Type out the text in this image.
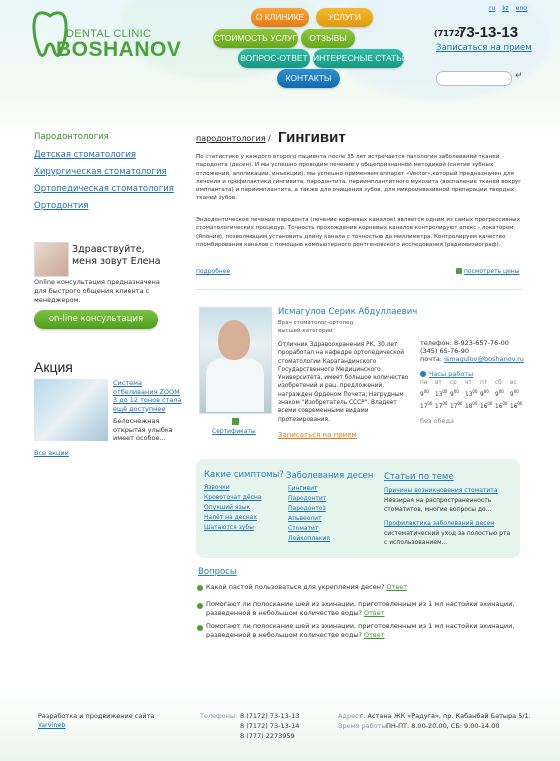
DENTAL CLINIC
BOSHANOV
О КЛИНИКЕ	УСЛУГИ
СТОИМОСТЬ УСЛУГ	ОТЗЫВЫ
ВОПРОС-ОТВЕТ ИНТЕРЕСНЫЕ СТАТЬИ
КОНТАКТЫ
ru kz eng
(7172)
73-13-13
Записаться на прием
↵
Пародонтология
Детская стоматология
Хирургическая стоматология
Ортопедическая стоматология
Ортодонтия
Здравствуйте,
меня зовут Елена
Online консультация предназначена для быстрого общения клиента с менеджером.
on-line консультация
Акция
Система
отбеливания ZOOM
3 до 12 тонов стала
ещё доступнее
Белоснежная
открытая улыбка
имеет особое...
Все акции
пародонтология / Гингивит
По статистике у каждого второго пациента после 35 лет встречается патология заболеваний тканей пародонта (десен). И мы успешно проводим лечение у общепризнанной методикой (снятие зубных отложений, аппликации, инъекции), мы успешно применяем аппарат «Vector»,который предназначен для лечения и профилактики гингивита, пародонтита, периимплантитного мукозита (воспаление тканей вокруг имплантата) и периимплантита, а также для очищения зубов, для микроинвазивной препарации твердых тканей зубов.
Эндодонтическое лечение пародонта (лечение корневых каналов) является одним из самых прогрессивных стоматологических процедур. Точность прохождения корневых каналов контролируют апекс - локатором (Япония), позволяющим установить длину канала с точностью до миллиметра. Контролируем качество пломбирования каналов с помощью компьютерного рентгеновского исследования (радиовизиограф).
подробнее	посмотреть цены
Сертификаты
Исмагулов Серик Абдуллаевич
Врач стоматолог-ортопед
высшей категории
Отличник Здравоохранения РК, 30 лет проработал на кафедре ортопедической стоматологии Карагандинского Государственного Медицинского Университета, имеет большое количество изобретений и рац. предложений, награжден Орденом Почета, Нагрудным знаком "Изобретатель СССР". Владеет всеми современными видами протезирования.
Записаться на прием
телефон: 8-923-657-76-00
(345) 65-76-90
почта: ismagulov@boshanov.ru
Часы работы
пн	вт	ср	чт	пт	сб	вс
$9^{00}$	$13^{00}$	$9^{00}$	$13^{00}$	$9^{00}$	$9^{00}$	$9^{00}$
$17^{00}$	$17^{00}$	$17^{00}$	$18^{00}$	$16^{00}$	$16^{00}$	$16^{00}$
без обеда
Какие симптомы?
Язвочки
Кровоточат дёсна
Опухший язык
Налёт на деснах
Шатаются зубы
Заболевания десен
Гингивит
Пародонтит
Пародонтоз
Альвеолит
Стоматит
Лейкоплакия
Статьи по теме
Причины возникновения стоматита
Невзирая на распространенность стоматитов, многие вопросы до...
Профилактика заболеваний десен
систематический уход за полостью рта с использованием...
Вопросы
Какой пастой пользоваться для укрепления десен? Ответ
Помогают ли полоскание шей из эхинации, приготовленным из 1 мл настойки эхинации, разведенной в небольшом количестве воды? Ответ
Помогают ли полоскание шей из эхинации, приготовленным из 1 мл настойки эхинации, разведенной в небольшом количестве воды? Ответ
Разработка и продвижение сайта
Yarvineb
Телефоны: 8 (7172) 73-13-13
8 (7172) 73-13-14
8 (777) 2273959
Адрес: г. Астана ЖК «Радуга», пр. Кабанбай Батыра 5/1.
Время работы:
ПН-ПТ: 8.00-20.00, СБ: 9.00-14.00
